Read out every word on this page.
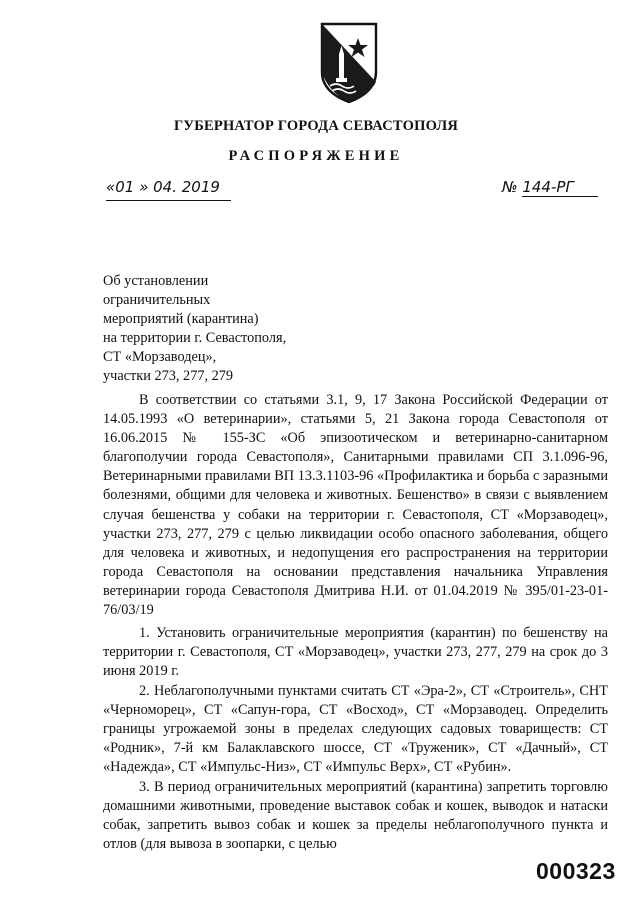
ГУБЕРНАТОР ГОРОДА СЕВАСТОПОЛЯ
РАСПОРЯЖЕНИЕ
«01 » 04. 2019	№ 144-РГ
Об установлении
ограничительных
мероприятий (карантина)
на территории г. Севастополя,
СТ «Морзаводец»,
участки 273, 277, 279

В соответствии со статьями 3.1, 9, 17 Закона Российской Федерации от 14.05.1993 «О ветеринарии», статьями 5, 21 Закона города Севастополя от 16.06.2015 № 155-ЗС «Об эпизоотическом и ветеринарно-санитарном благополучии города Севастополя», Санитарными правилами СП 3.1.096-96, Ветеринарными правилами ВП 13.3.1103-96 «Профилактика и борьба с заразными болезнями, общими для человека и животных. Бешенство» в связи с выявлением случая бешенства у собаки на территории г. Севастополя, СТ «Морзаводец», участки 273, 277, 279 с целью ликвидации особо опасного заболевания, общего для человека и животных, и недопущения его распространения на территории города Севастополя на основании представления начальника Управления ветеринарии города Севастополя Дмитрива Н.И. от 01.04.2019 № 395/01-23-01-76/03/19

1. Установить ограничительные мероприятия (карантин) по бешенству на территории г. Севастополя, СТ «Морзаводец», участки 273, 277, 279 на срок до 3 июня 2019 г.

2. Неблагополучными пунктами считать СТ «Эра-2», СТ «Строитель», СНТ «Черноморец», СТ «Сапун-гора, СТ «Восход», СТ «Морзаводец. Определить границы угрожаемой зоны в пределах следующих садовых товариществ: СТ «Родник», 7-й км Балаклавского шоссе, СТ «Труженик», СТ «Дачный», СТ «Надежда», СТ «Импульс-Низ», СТ «Импульс Верх», СТ «Рубин».

3. В период ограничительных мероприятий (карантина) запретить торговлю домашними животными, проведение выставок собак и кошек, выводок и натаски собак, запретить вывоз собак и кошек за пределы неблагополучного пункта и отлов (для вывоза в зоопарки, с целью

000323
